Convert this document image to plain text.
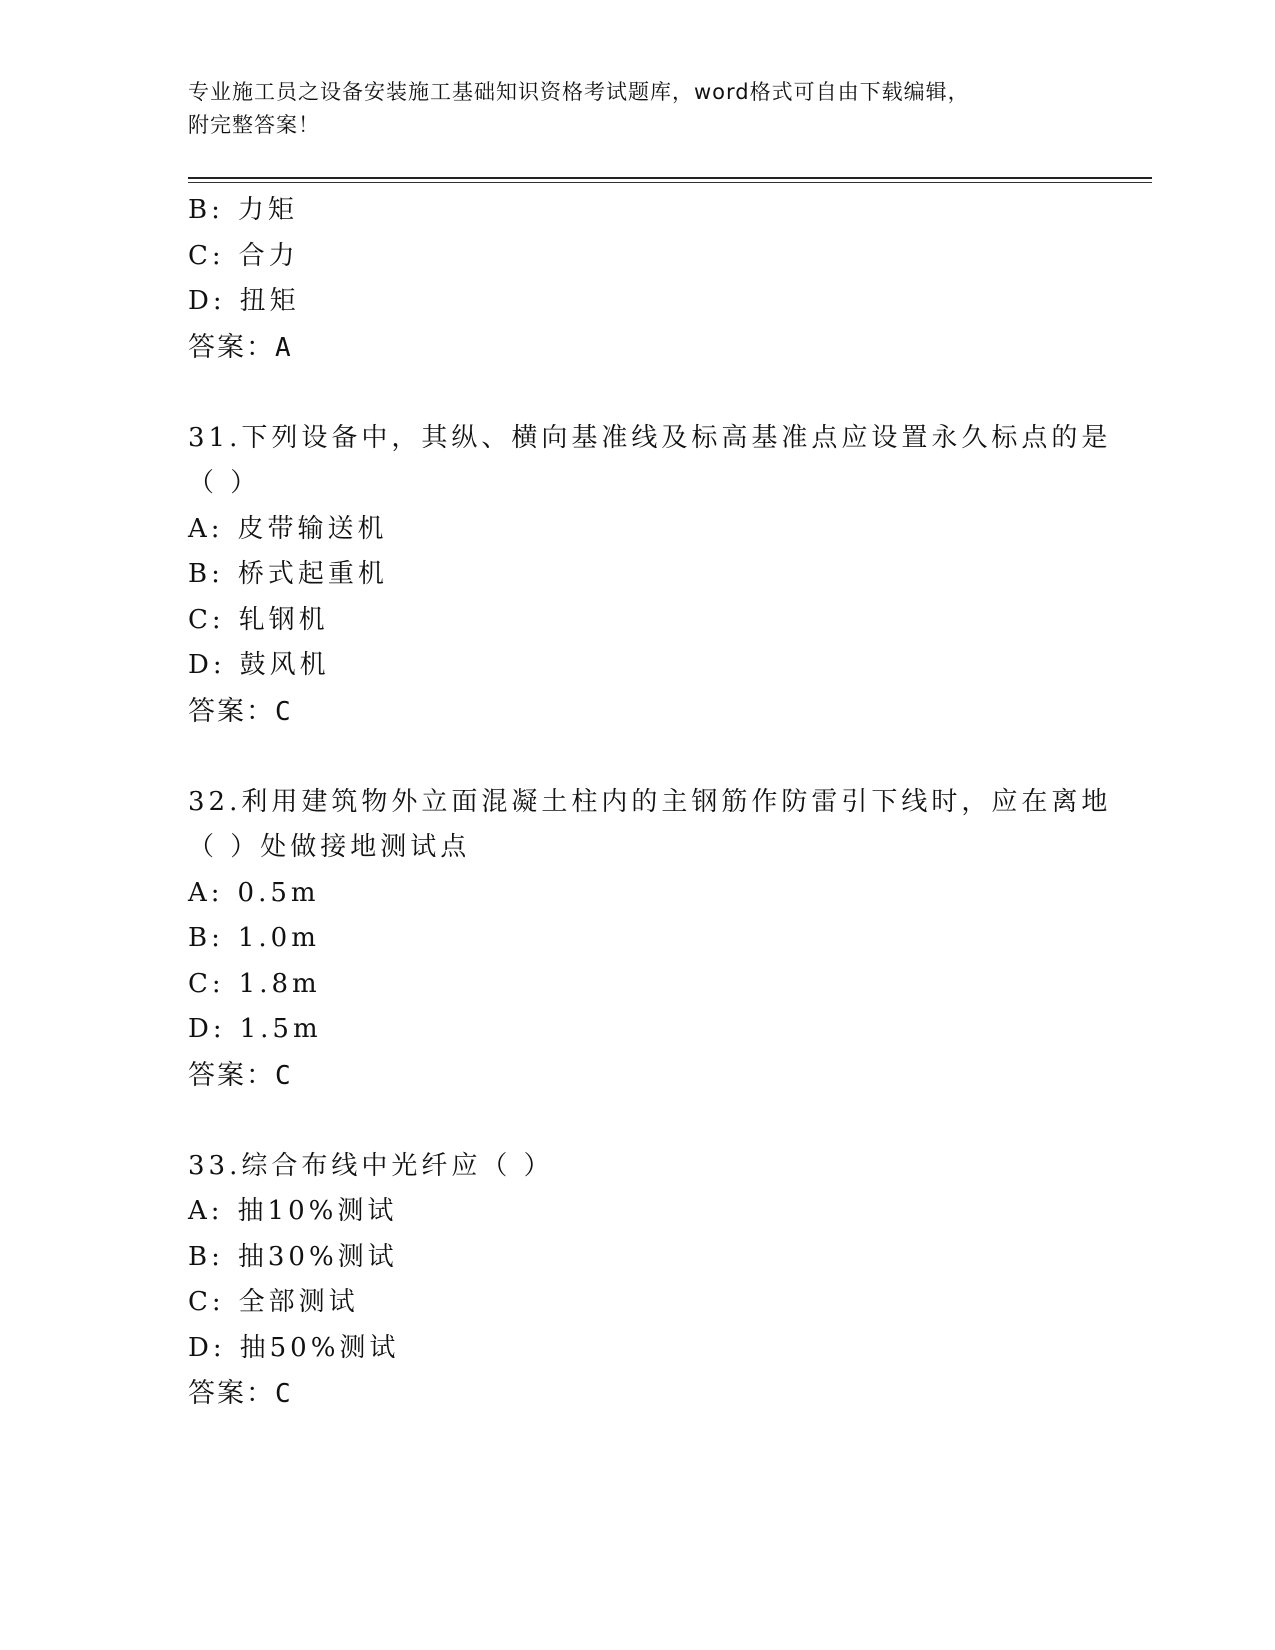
专业施工员之设备安装施工基础知识资格考试题库，word格式可自由下载编辑，
附完整答案！
B: 力矩
C: 合力
D: 扭矩
答案：A
31.下列设备中，其纵、横向基准线及标高基准点应设置永久标点的是
（ ）
A: 皮带输送机
B: 桥式起重机
C: 轧钢机
D: 鼓风机
答案：C
32.利用建筑物外立面混凝土柱内的主钢筋作防雷引下线时，应在离地
（ ）处做接地测试点
A: 0.5m
B: 1.0m
C: 1.8m
D: 1.5m
答案：C
33.综合布线中光纤应（ ）
A: 抽10%测试
B: 抽30%测试
C: 全部测试
D: 抽50%测试
答案：C
